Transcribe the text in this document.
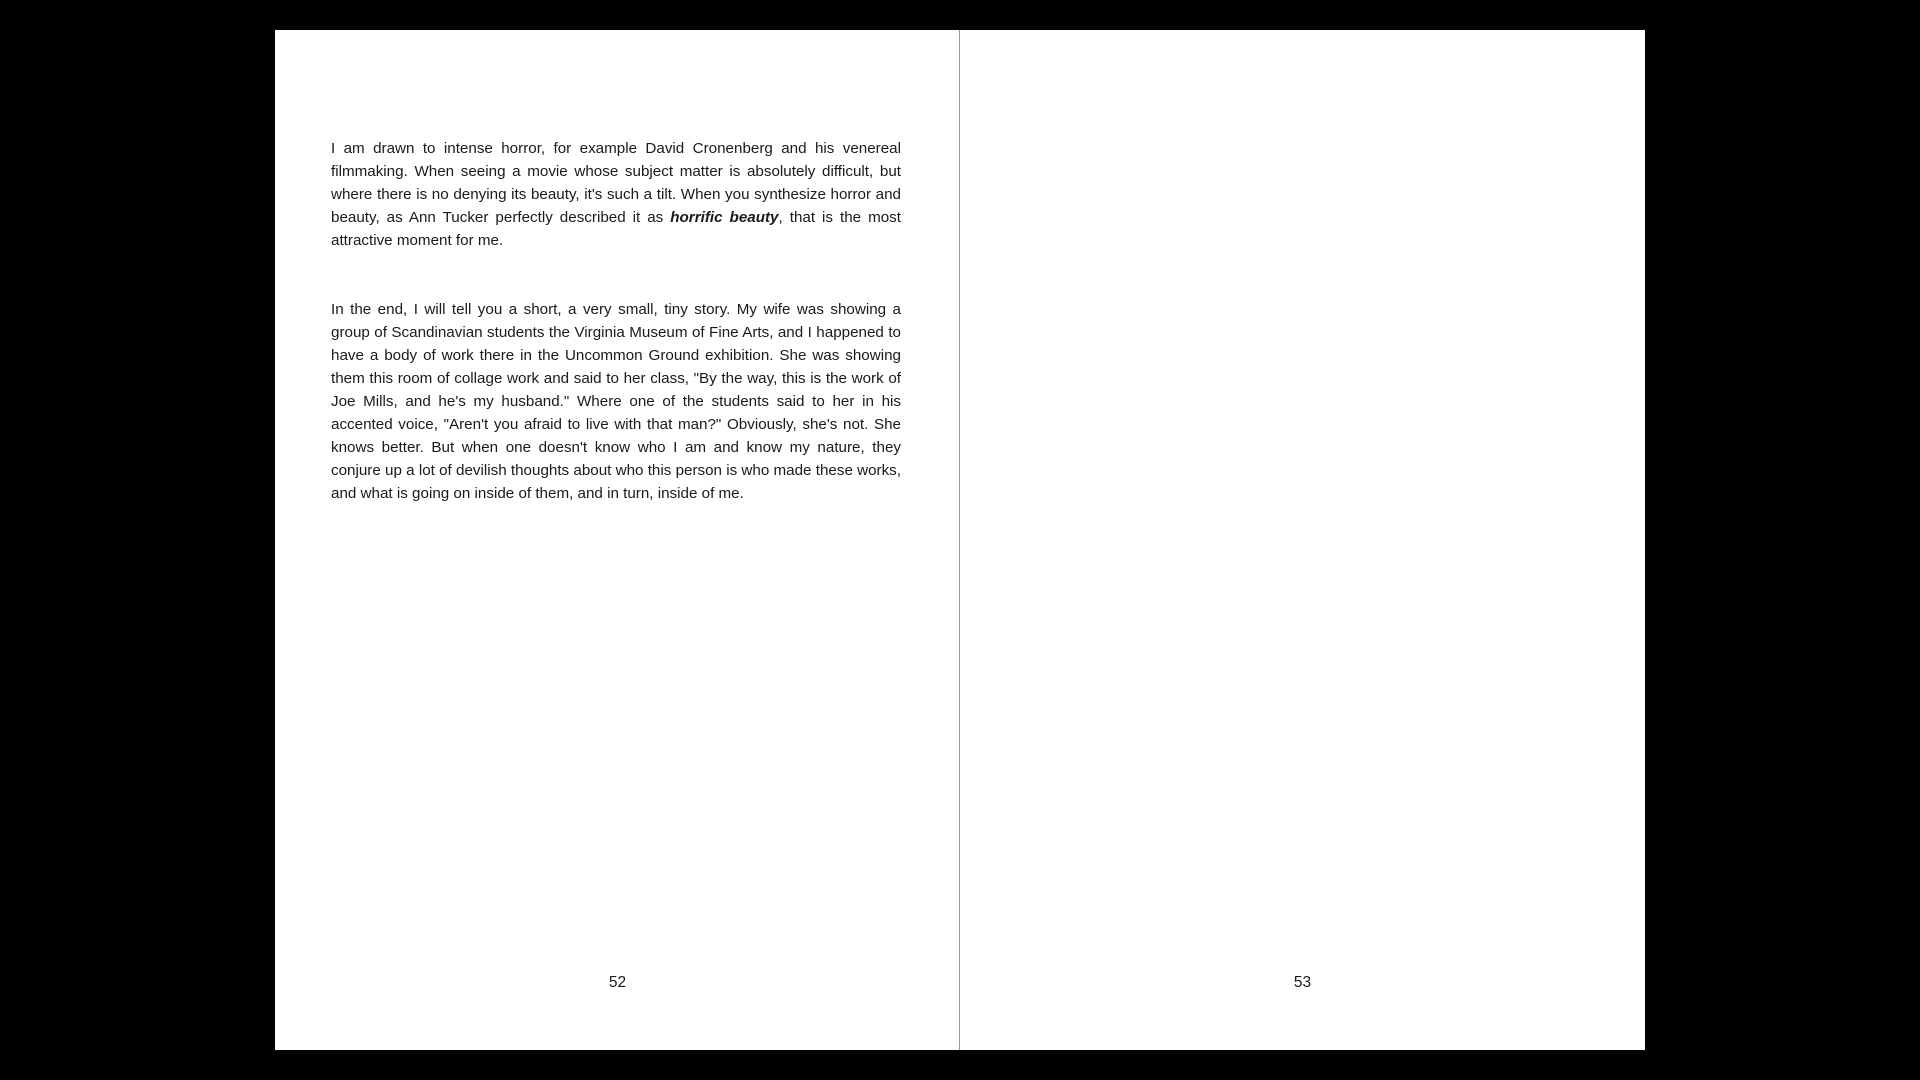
I am drawn to intense horror, for example David Cronenberg and his venereal filmmaking. When seeing a movie whose subject matter is absolutely difficult, but where there is no denying its beauty, it's such a tilt. When you synthesize horror and beauty, as Ann Tucker perfectly described it as horrific beauty, that is the most attractive moment for me.

In the end, I will tell you a short, a very small, tiny story. My wife was showing a group of Scandinavian students the Virginia Museum of Fine Arts, and I happened to have a body of work there in the Uncommon Ground exhibition. She was showing them this room of collage work and said to her class, "By the way, this is the work of Joe Mills, and he's my husband." Where one of the students said to her in his accented voice, "Aren't you afraid to live with that man?" Obviously, she's not. She knows better. But when one doesn't know who I am and know my nature, they conjure up a lot of devilish thoughts about who this person is who made these works, and what is going on inside of them, and in turn, inside of me.

52	53
